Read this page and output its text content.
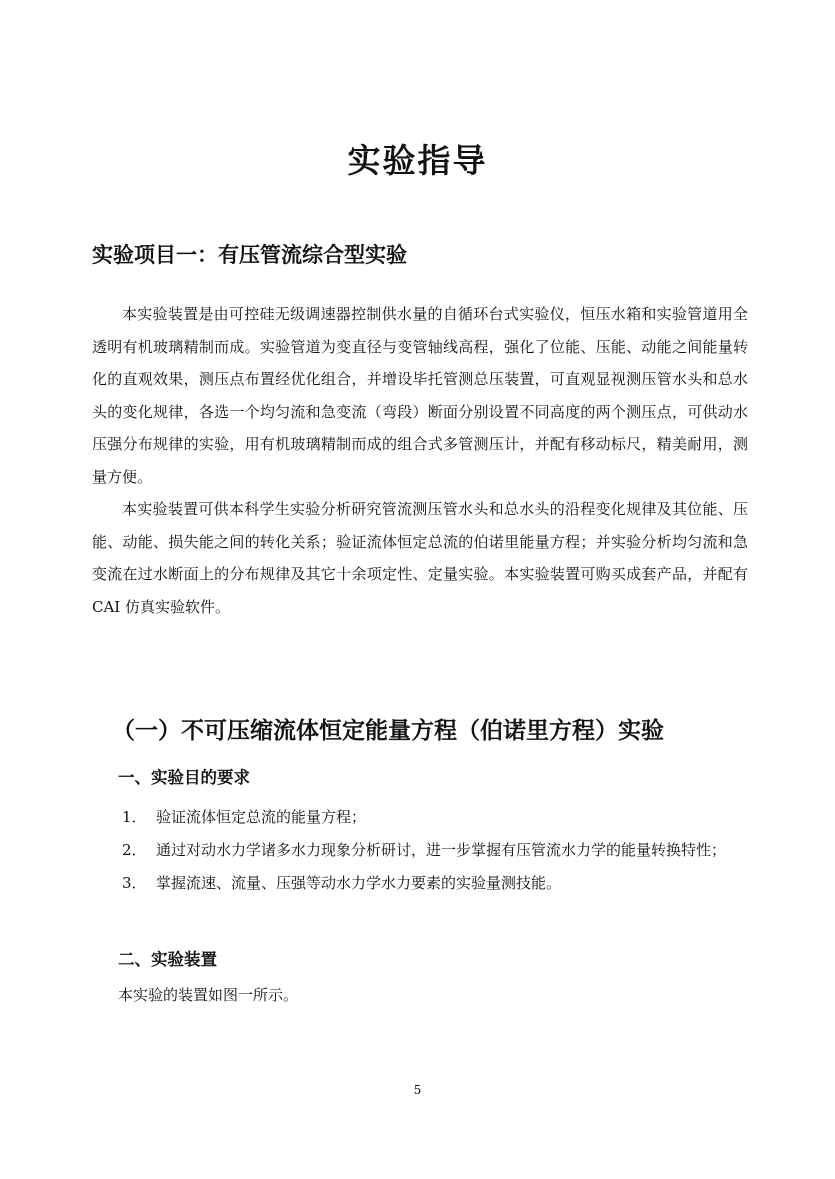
实验指导
实验项目一：有压管流综合型实验

本实验装置是由可控硅无级调速器控制供水量的自循环台式实验仪，恒压水箱和实验管道用全透明有机玻璃精制而成。实验管道为变直径与变管轴线高程，强化了位能、压能、动能之间能量转化的直观效果，测压点布置经优化组合，并增设毕托管测总压装置，可直观显视测压管水头和总水头的变化规律，各选一个均匀流和急变流（弯段）断面分别设置不同高度的两个测压点，可供动水压强分布规律的实验，用有机玻璃精制而成的组合式多管测压计，并配有移动标尺，精美耐用，测量方便。

本实验装置可供本科学生实验分析研究管流测压管水头和总水头的沿程变化规律及其位能、压能、动能、损失能之间的转化关系；验证流体恒定总流的伯诺里能量方程；并实验分析均匀流和急变流在过水断面上的分布规律及其它十余项定性、定量实验。本实验装置可购买成套产品，并配有 CAI 仿真实验软件。

（一）不可压缩流体恒定能量方程（伯诺里方程）实验
一、实验目的要求
1． 验证流体恒定总流的能量方程；
2． 通过对动水力学诸多水力现象分析研讨，进一步掌握有压管流水力学的能量转换特性；
3． 掌握流速、流量、压强等动水力学水力要素的实验量测技能。
二、实验装置

本实验的装置如图一所示。

5
